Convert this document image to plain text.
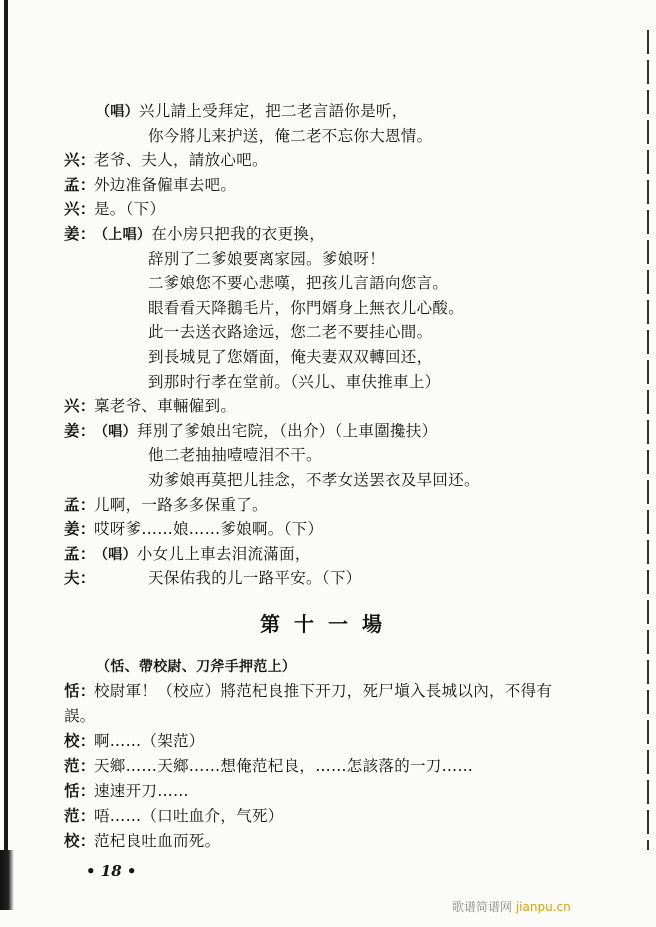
（唱）兴儿請上受拜定，把二老言語你是听，
你今將儿来护送，俺二老不忘你大恩情。
兴：老爷、夫人，請放心吧。
孟：外边准备僱車去吧。
兴：是。（下）
姜：（上唱）在小房只把我的衣更換，
辞別了二爹娘要离家园。爹娘呀！
二爹娘您不要心悲嘆，把孩儿言語向您言。
眼看看天降鵝毛片，你門婿身上無衣儿心酸。
此一去送衣路途远，您二老不要挂心間。
到長城見了您婿面，俺夫妻双双轉回还，
到那时行孝在堂前。（兴儿、車伕推車上）
兴：稟老爷、車輛僱到。
姜：（唱）拜別了爹娘出宅院，（出介）（上車圍攙扶）
他二老抽抽噎噎泪不干。
劝爹娘再莫把儿挂念，不孝女送罢衣及早回还。
孟：儿啊，一路多多保重了。
姜：哎呀爹……娘……爹娘啊。（下）
孟：（唱）小女儿上車去泪流滿面，
夫：	天保佑我的儿一路平安。（下）
第十一場
（恬、帶校尉、刀斧手押范上）
恬：校尉軍！（校应）將范杞良推下开刀，死尸塡入長城以內，不得有
誤。
校：啊……（架范）
范：天鄉……天鄉……想俺范杞良，……怎該落的一刀……
恬：速速开刀……
范：唔……（口吐血介，气死）
校：范杞良吐血而死。
• 18 •
歌谱简谱网 jianpu.cn
